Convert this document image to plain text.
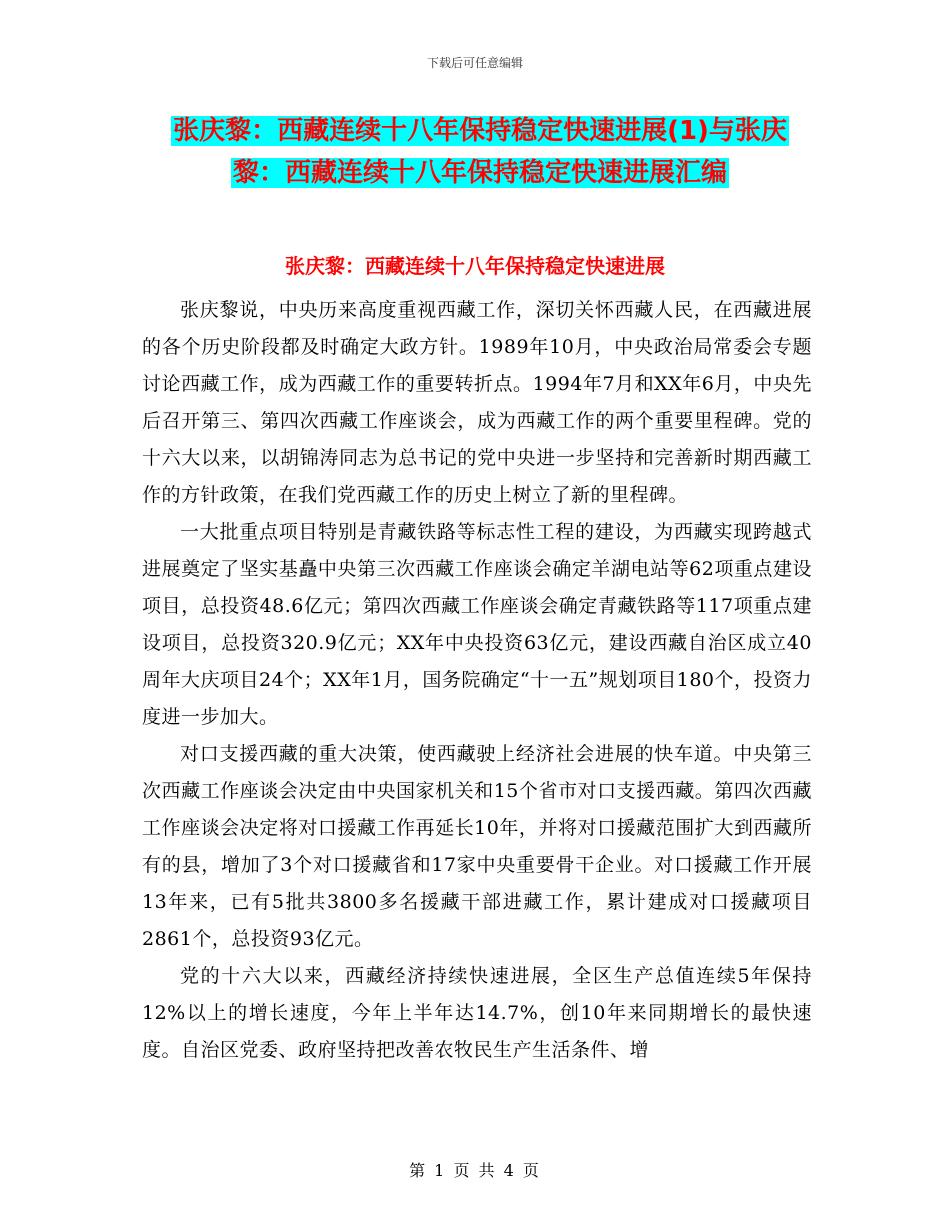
下载后可任意编辑
张庆黎：西藏连续十八年保持稳定快速进展(1)与张庆
黎：西藏连续十八年保持稳定快速进展汇编
张庆黎：西藏连续十八年保持稳定快速进展

张庆黎说，中央历来高度重视西藏工作，深切关怀西藏人民，在西藏进展的各个历史阶段都及时确定大政方针。1989年10月，中央政治局常委会专题讨论西藏工作，成为西藏工作的重要转折点。1994年7月和XX年6月，中央先后召开第三、第四次西藏工作座谈会，成为西藏工作的两个重要里程碑。党的十六大以来，以胡锦涛同志为总书记的党中央进一步坚持和完善新时期西藏工作的方针政策，在我们党西藏工作的历史上树立了新的里程碑。

一大批重点项目特别是青藏铁路等标志性工程的建设，为西藏实现跨越式进展奠定了坚实基矗中央第三次西藏工作座谈会确定羊湖电站等62项重点建设项目，总投资48.6亿元；第四次西藏工作座谈会确定青藏铁路等117项重点建设项目，总投资320.9亿元；XX年中央投资63亿元，建设西藏自治区成立40周年大庆项目24个；XX年1月，国务院确定“十一五”规划项目180个，投资力度进一步加大。

对口支援西藏的重大决策，使西藏驶上经济社会进展的快车道。中央第三次西藏工作座谈会决定由中央国家机关和15个省市对口支援西藏。第四次西藏工作座谈会决定将对口援藏工作再延长10年，并将对口援藏范围扩大到西藏所有的县，增加了3个对口援藏省和17家中央重要骨干企业。对口援藏工作开展13年来，已有5批共3800多名援藏干部进藏工作，累计建成对口援藏项目2861个，总投资93亿元。

党的十六大以来，西藏经济持续快速进展，全区生产总值连续5年保持12%以上的增长速度，今年上半年达14.7%，创10年来同期增长的最快速度。自治区党委、政府坚持把改善农牧民生产生活条件、增

第 1 页 共 4 页
